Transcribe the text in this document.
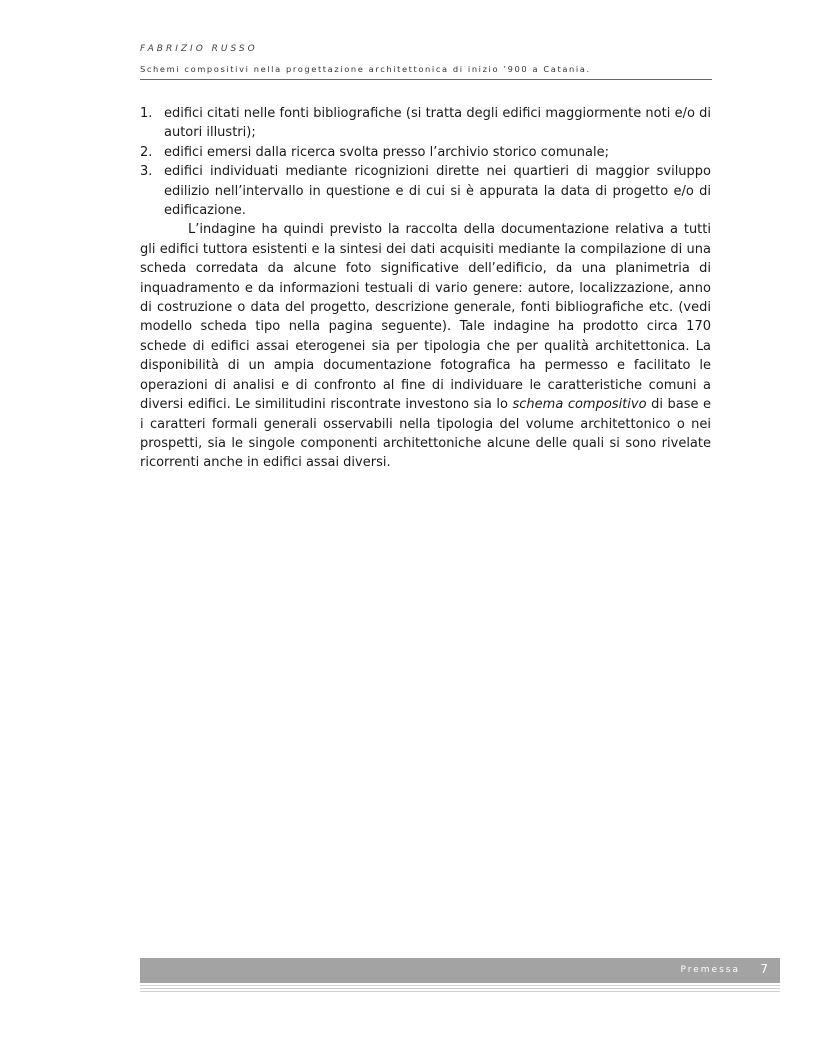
FABRIZIO RUSSO
Schemi compositivi nella progettazione architettonica di inizio ’900 a Catania.
1. edifici citati nelle fonti bibliografiche (si tratta degli edifici maggiormente noti e/o di autori illustri);
2. edifici emersi dalla ricerca svolta presso l’archivio storico comunale;
3. edifici individuati mediante ricognizioni dirette nei quartieri di maggior sviluppo edilizio nell’intervallo in questione e di cui si è appurata la data di progetto e/o di edificazione.

L’indagine ha quindi previsto la raccolta della documentazione relativa a tutti gli edifici tuttora esistenti e la sintesi dei dati acquisiti mediante la compilazione di una scheda corredata da alcune foto significative dell’edificio, da una planimetria di inquadramento e da informazioni testuali di vario genere: autore, localizzazione, anno di costruzione o data del progetto, descrizione generale, fonti bibliografiche etc. (vedi modello scheda tipo nella pagina seguente). Tale indagine ha prodotto circa 170 schede di edifici assai eterogenei sia per tipologia che per qualità architettonica. La disponibilità di un ampia documentazione fotografica ha permesso e facilitato le operazioni di analisi e di confronto al fine di individuare le caratteristiche comuni a diversi edifici. Le similitudini riscontrate investono sia lo schema compositivo di base e i caratteri formali generali osservabili nella tipologia del volume architettonico o nei prospetti, sia le singole componenti architettoniche alcune delle quali si sono rivelate ricorrenti anche in edifici assai diversi.

Premessa 7
